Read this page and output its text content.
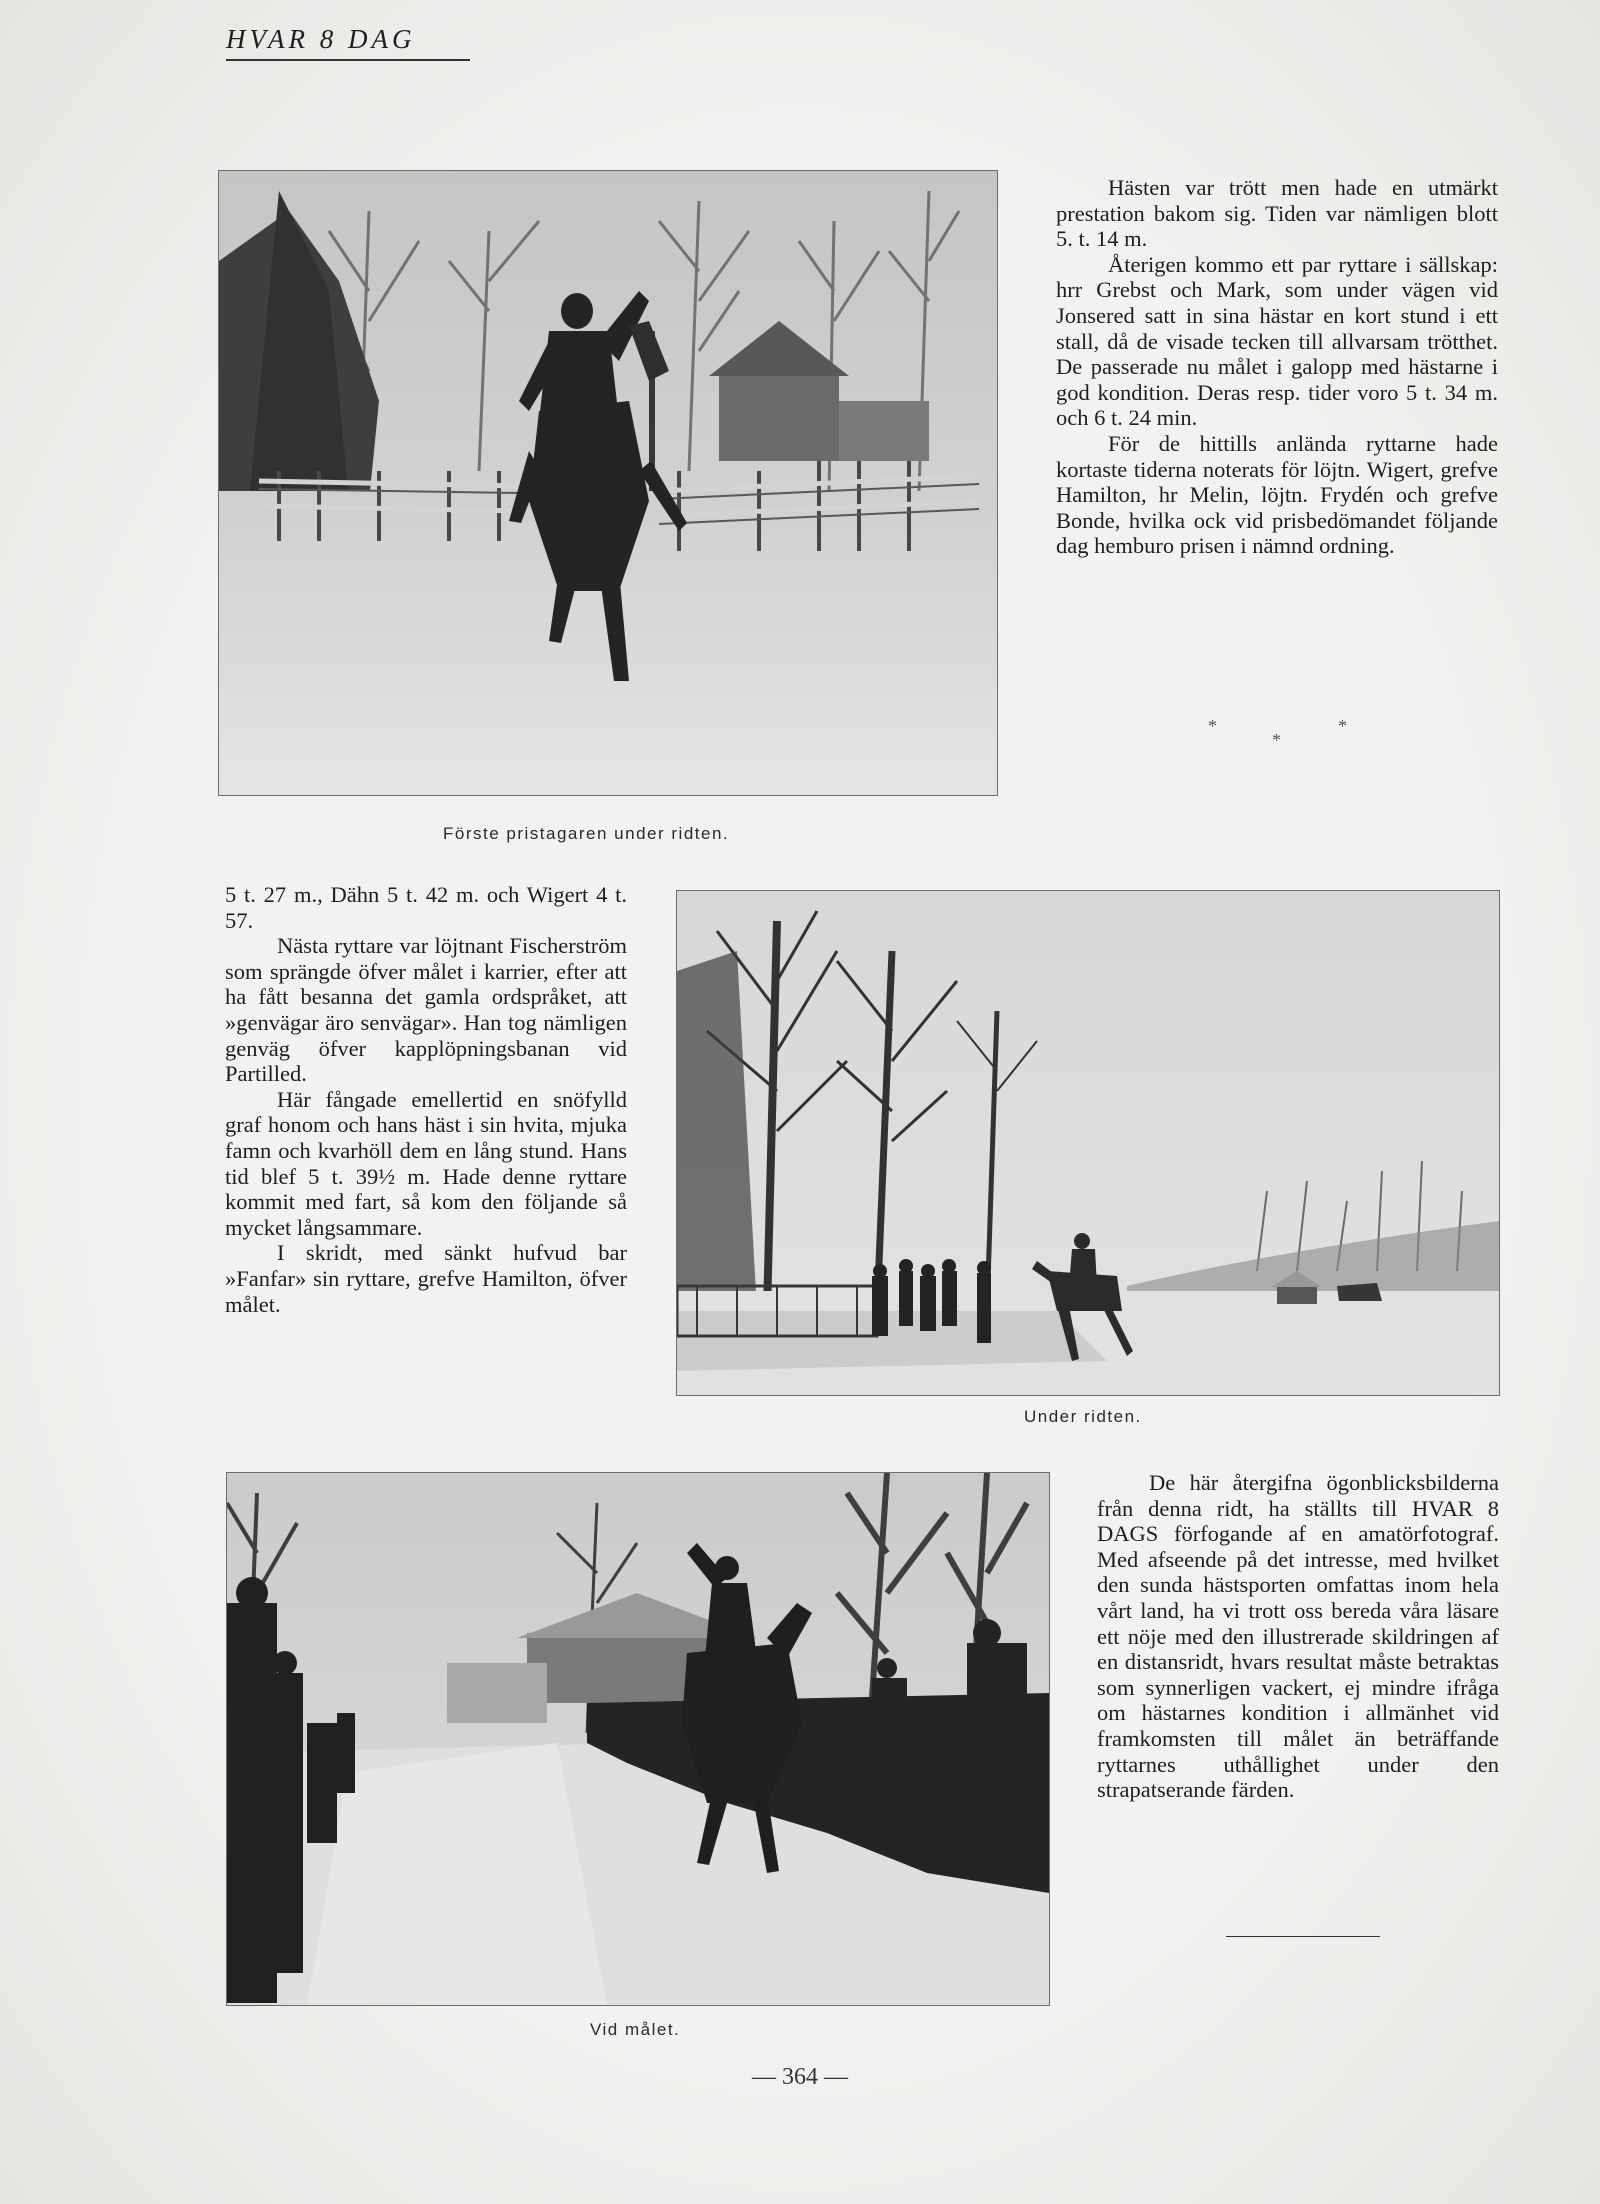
HVAR 8 DAG
Förste pristagaren under ridten.

Hästen var trött men hade en utmärkt prestation bakom sig. Tiden var nämligen blott 5. t. 14 m.

Återigen kommo ett par ryttare i sällskap: hrr Grebst och Mark, som under vägen vid Jonsered satt in sina hästar en kort stund i ett stall, då de visade tecken till allvarsam trötthet. De passerade nu målet i galopp med hästarne i god kondition. Deras resp. tider voro 5 t. 34 m. och 6 t. 24 min.

För de hittills anlända ryttarne hade kortaste tiderna noterats för löjtn. Wigert, grefve Hamilton, hr Melin, löjtn. Frydén och grefve Bonde, hvilka ock vid prisbedömandet följande dag hemburo prisen i nämnd ordning.

*	*
*

5 t. 27 m., Dähn 5 t. 42 m. och Wigert 4 t. 57.

Nästa ryttare var löjtnant Fischerström som sprängde öfver målet i karrier, efter att ha fått besanna det gamla ordspråket, att »genvägar äro senvägar». Han tog nämligen genväg öfver kapplöpningsbanan vid Partilled.

Här fångade emellertid en snöfylld graf honom och hans häst i sin hvita, mjuka famn och kvarhöll dem en lång stund. Hans tid blef 5 t. 39½ m. Hade denne ryttare kommit med fart, så kom den följande så mycket långsammare.

I skridt, med sänkt hufvud bar »Fanfar» sin ryttare, grefve Hamilton, öfver målet.

Under ridten.
Vid målet.

De här återgifna ögonblicksbilderna från denna ridt, ha ställts till HVAR 8 DAGS förfogande af en amatörfotograf. Med afseende på det intresse, med hvilket den sunda hästsporten omfattas inom hela vårt land, ha vi trott oss bereda våra läsare ett nöje med den illustrerade skildringen af en distansridt, hvars resultat måste betraktas som synnerligen vackert, ej mindre ifråga om hästarnes kondition i allmänhet vid framkomsten till målet än beträffande ryttarnes uthållighet under den strapatserande färden.

— 364 —
